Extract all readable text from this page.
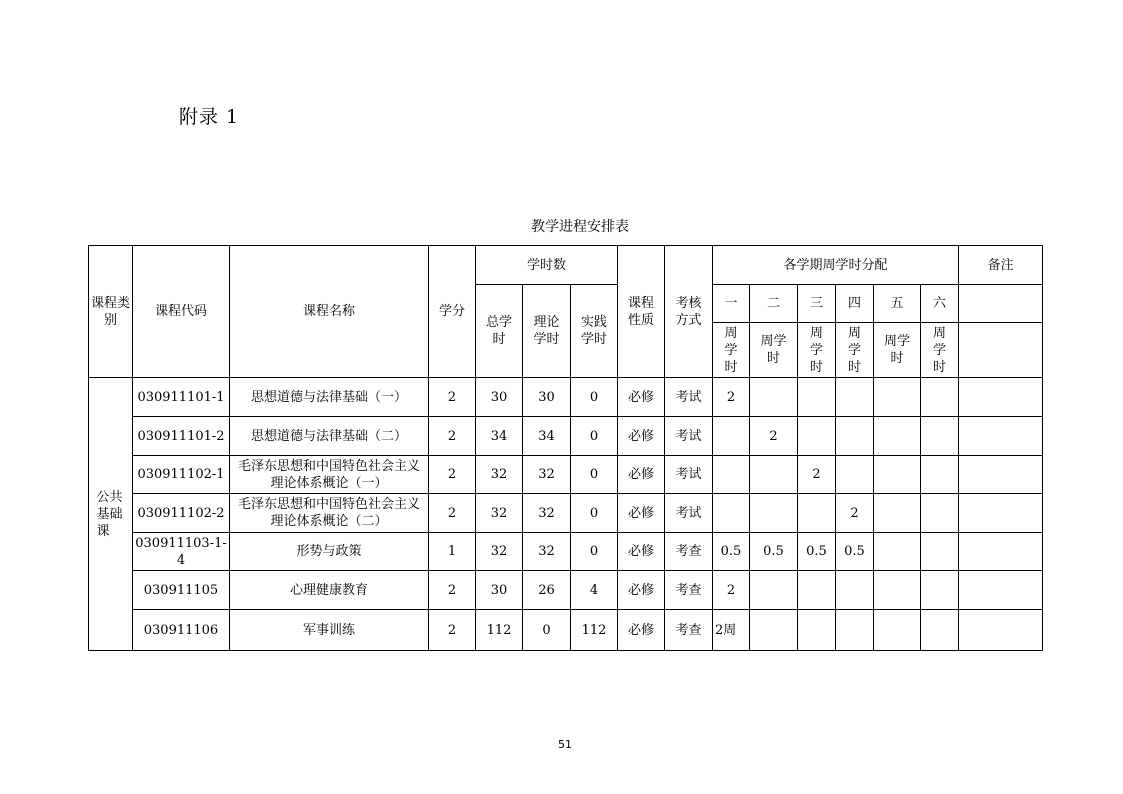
附录 1
教学进程安排表
课程类别	课程代码	课程名称	学分	学时数			课程性质	考核方式	各学期周学时分配						备注

				总学时	理论学时	实践学时			一	二	三	四	五	六	

									周学时	周学时	周学时	周学时	周学时	周学时	

公共基础课	030911101-1	思想道德与法律基础（一）	2	30	30	0	必修	考试	2						
	030911101-2	思想道德与法律基础（二）	2	34	34	0	必修	考试		2					
	030911102-1	毛泽东思想和中国特色社会主义理论体系概论（一）	2	32	32	0	必修	考试			2				
	030911102-2	毛泽东思想和中国特色社会主义理论体系概论（二）	2	32	32	0	必修	考试				2			
	030911103-1-4	形势与政策	1	32	32	0	必修	考查	0.5	0.5	0.5	0.5			
	030911105	心理健康教育	2	30	26	4	必修	考查	2						
	030911106	军事训练	2	112	0	112	必修	考查	2周						
51
